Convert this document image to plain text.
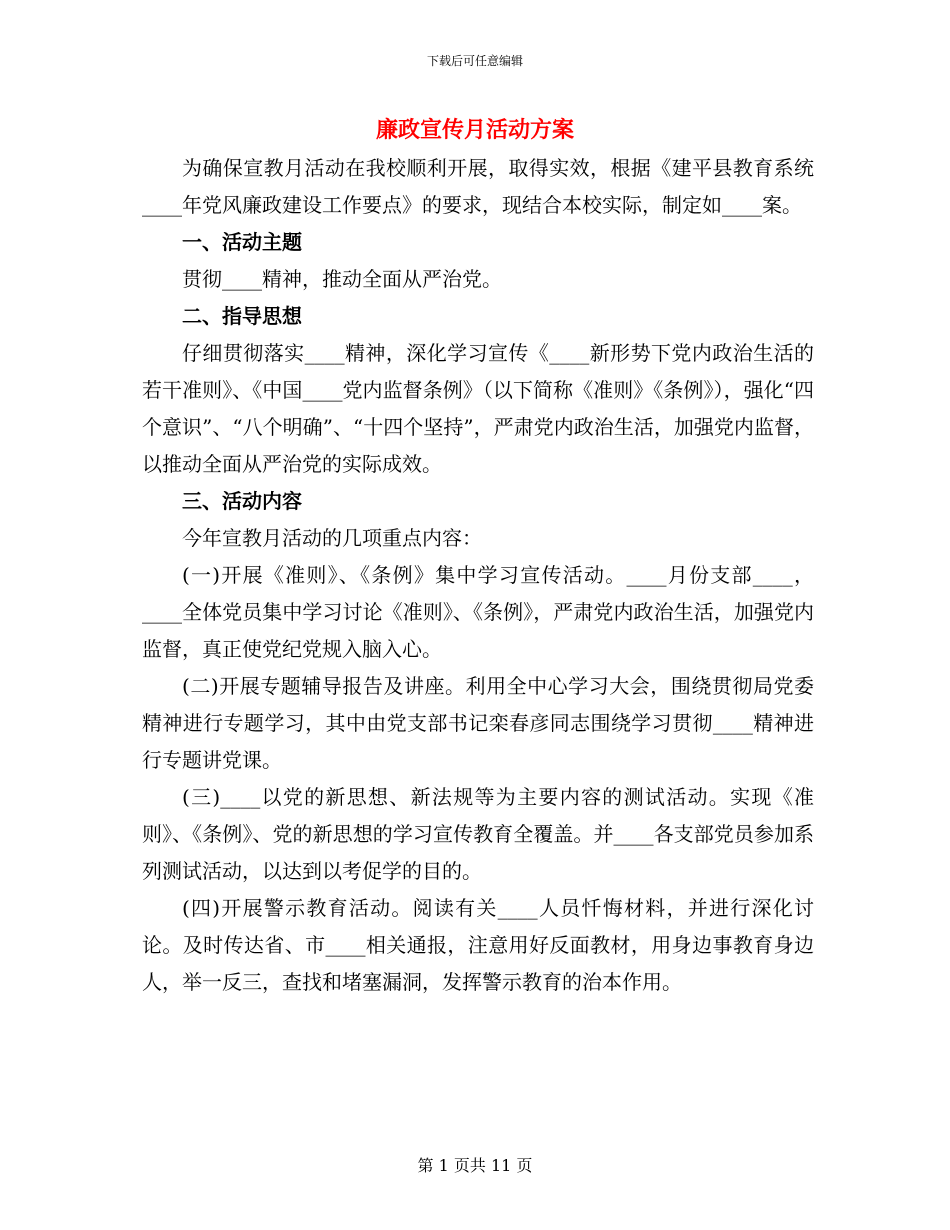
下载后可任意编辑
廉政宣传月活动方案

为确保宣教月活动在我校顺利开展，取得实效，根据《建平县教育系统____年党风廉政建设工作要点》的要求，现结合本校实际，制定如____案。

一、活动主题

贯彻____精神，推动全面从严治党。

二、指导思想

仔细贯彻落实____精神，深化学习宣传《____新形势下党内政治生活的若干准则》、《中国____党内监督条例》（以下简称《准则》《条例》），强化“四个意识”、“八个明确”、“十四个坚持”，严肃党内政治生活，加强党内监督，以推动全面从严治党的实际成效。

三、活动内容

今年宣教月活动的几项重点内容：

(一)开展《准则》、《条例》集中学习宣传活动。____月份支部____，____全体党员集中学习讨论《准则》、《条例》，严肃党内政治生活，加强党内监督，真正使党纪党规入脑入心。

(二)开展专题辅导报告及讲座。利用全中心学习大会，围绕贯彻局党委精神进行专题学习，其中由党支部书记栾春彦同志围绕学习贯彻____精神进行专题讲党课。

(三)____以党的新思想、新法规等为主要内容的测试活动。实现《准则》、《条例》、党的新思想的学习宣传教育全覆盖。并____各支部党员参加系列测试活动，以达到以考促学的目的。

(四)开展警示教育活动。阅读有关____人员忏悔材料，并进行深化讨论。及时传达省、市____相关通报，注意用好反面教材，用身边事教育身边人，举一反三，查找和堵塞漏洞，发挥警示教育的治本作用。

第 1 页共 11 页
